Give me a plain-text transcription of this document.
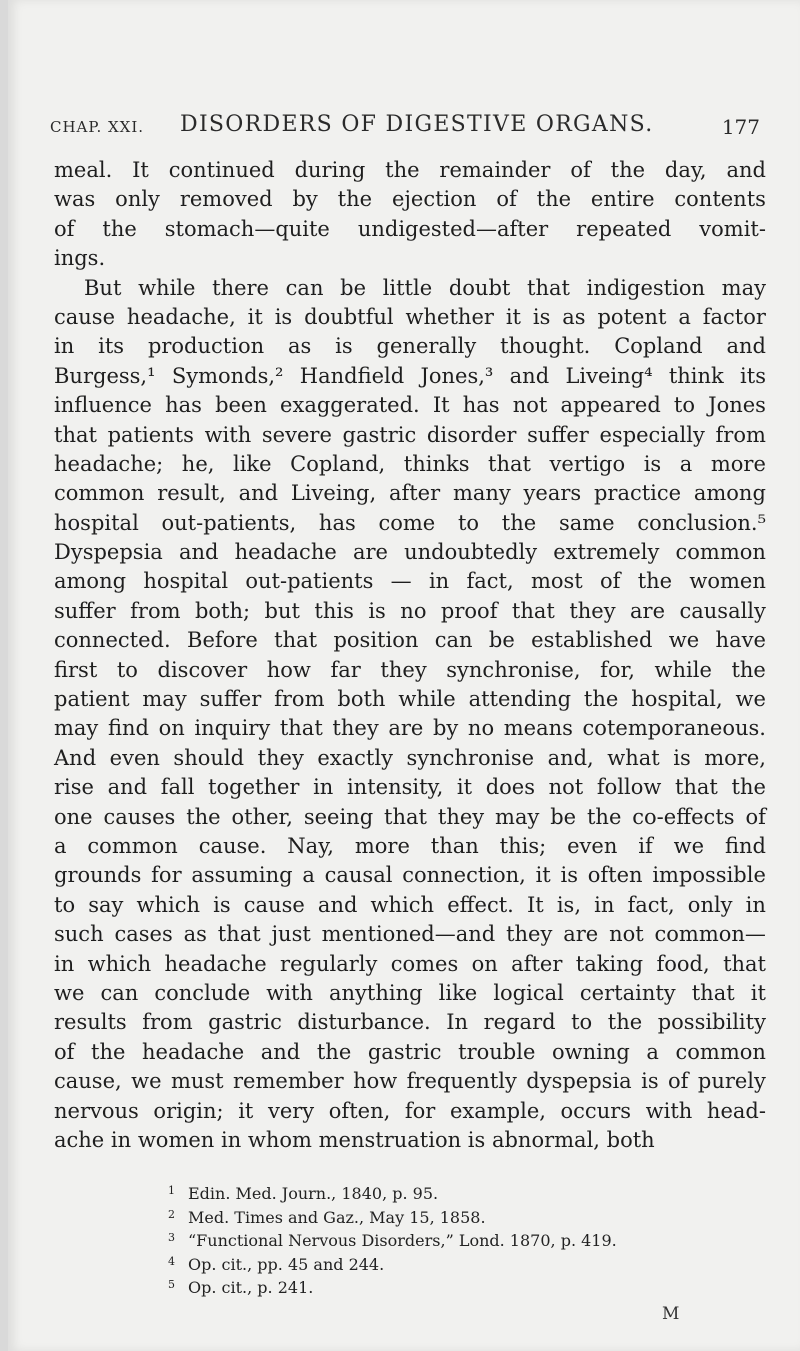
CHAP. XXI. DISORDERS OF DIGESTIVE ORGANS.	177
meal. It continued during the remainder of the day, and
was only removed by the ejection of the entire contents
of the stomach—quite undigested—after repeated vomit-
ings.
But while there can be little doubt that indigestion may
cause headache, it is doubtful whether it is as potent a factor
in its production as is generally thought. Copland and
Burgess,¹ Symonds,² Handfield Jones,³ and Liveing⁴ think its
influence has been exaggerated. It has not appeared to Jones
that patients with severe gastric disorder suffer especially from
headache; he, like Copland, thinks that vertigo is a more
common result, and Liveing, after many years practice among
hospital out-patients, has come to the same conclusion.⁵
Dyspepsia and headache are undoubtedly extremely common
among hospital out-patients — in fact, most of the women
suffer from both; but this is no proof that they are causally
connected. Before that position can be established we have
first to discover how far they synchronise, for, while the
patient may suffer from both while attending the hospital, we
may find on inquiry that they are by no means cotemporaneous.
And even should they exactly synchronise and, what is more,
rise and fall together in intensity, it does not follow that the
one causes the other, seeing that they may be the co-effects of
a common cause. Nay, more than this; even if we find
grounds for assuming a causal connection, it is often impossible
to say which is cause and which effect. It is, in fact, only in
such cases as that just mentioned—and they are not common—
in which headache regularly comes on after taking food, that
we can conclude with anything like logical certainty that it
results from gastric disturbance. In regard to the possibility
of the headache and the gastric trouble owning a common
cause, we must remember how frequently dyspepsia is of purely
nervous origin; it very often, for example, occurs with head-
ache in women in whom menstruation is abnormal, both
1 Edin. Med. Journ., 1840, p. 95.
2 Med. Times and Gaz., May 15, 1858.
3 “Functional Nervous Disorders,” Lond. 1870, p. 419.
4 Op. cit., pp. 45 and 244.
5 Op. cit., p. 241.
M
